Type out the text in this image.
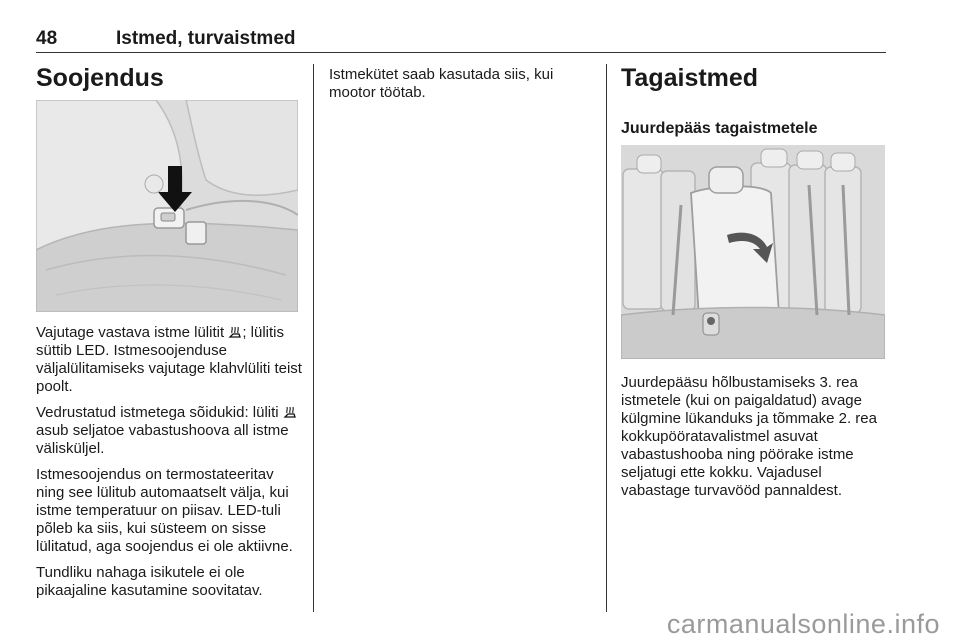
48	Istmed, turvaistmed
Soojendus

Vajutage vastava istme lülitit ; lülitis süttib LED. Istmesoojenduse väljalülitamiseks vajutage klahvlüliti teist poolt.

Vedrustatud istmetega sõidukid: lüliti  asub seljatoe vabastushoova all istme välisküljel.

Istmesoojendus on termostateeritav ning see lülitub automaatselt välja, kui istme temperatuur on piisav. LED-tuli põleb ka siis, kui süsteem on sisse lülitatud, aga soojendus ei ole aktiivne.

Tundliku nahaga isikutele ei ole pikaajaline kasutamine soovitatav.

Istmekütet saab kasutada siis, kui mootor töötab.

Tagaistmed
Juurdepääs tagaistmetele

Juurdepääsu hõlbustamiseks 3. rea istmetele (kui on paigaldatud) avage külgmine lükanduks ja tõmmake 2. rea kokkupööratavalistmel asuvat vabastushooba ning pöörake istme seljatugi ette kokku. Vajadusel vabastage turvavööd pannaldest.

carmanualsonline.info
